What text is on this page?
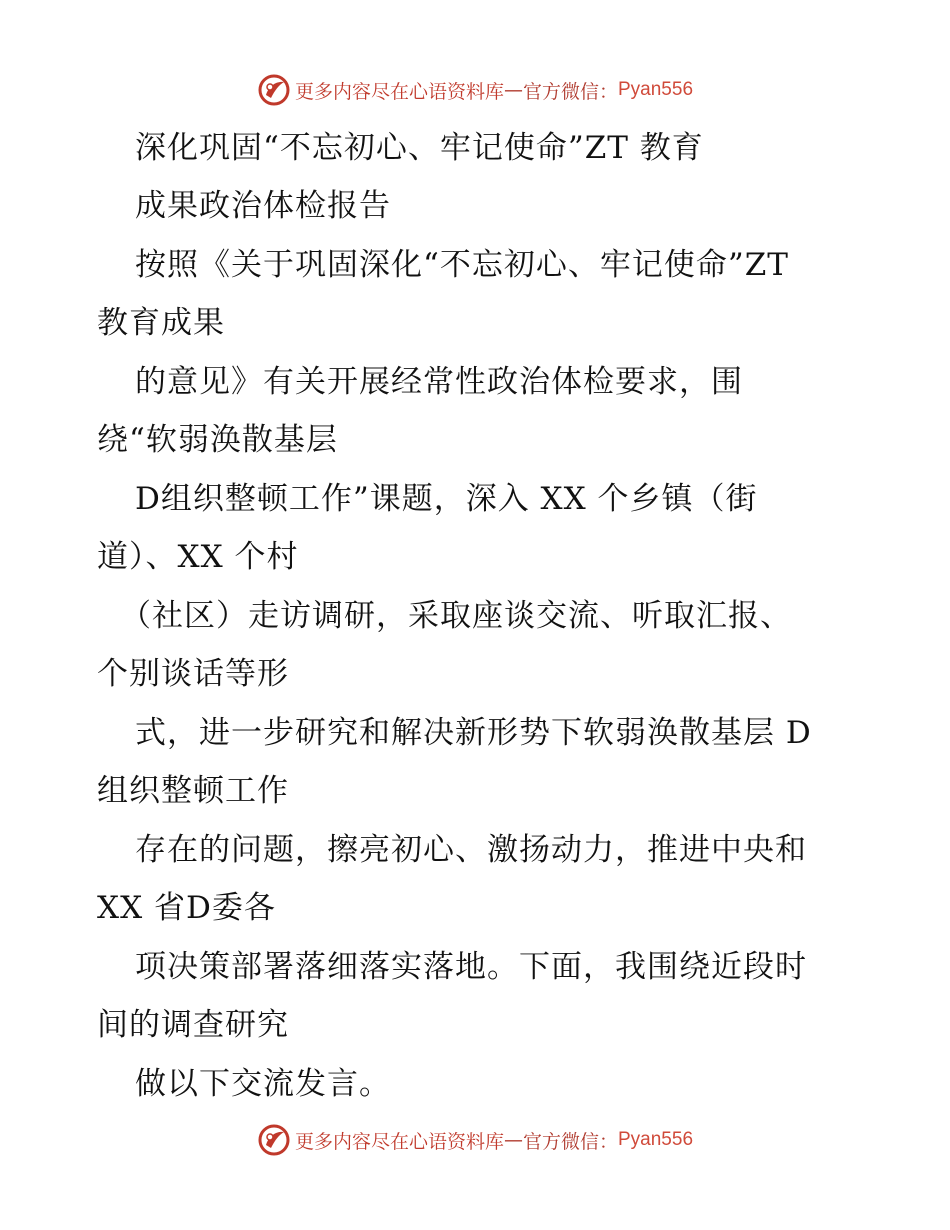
更多内容尽在心语资料库 — 官方微信： Pyan556
深化巩固“不忘初心、牢记使命”ZT 教育
成果政治体检报告
按照《关于巩固深化“不忘初心、牢记使命”ZT
教育成果
的意见》有关开展经常性政治体检要求，围
绕“软弱涣散基层
D组织整顿工作”课题，深入 XX 个乡镇（街
道）、XX 个村
（社区）走访调研，采取座谈交流、听取汇报、
个别谈话等形
式，进一步研究和解决新形势下软弱涣散基层 D
组织整顿工作
存在的问题，擦亮初心、激扬动力，推进中央和
XX 省D委各
项决策部署落细落实落地。下面，我围绕近段时
间的调查研究
做以下交流发言。
更多内容尽在心语资料库 — 官方微信： Pyan556
